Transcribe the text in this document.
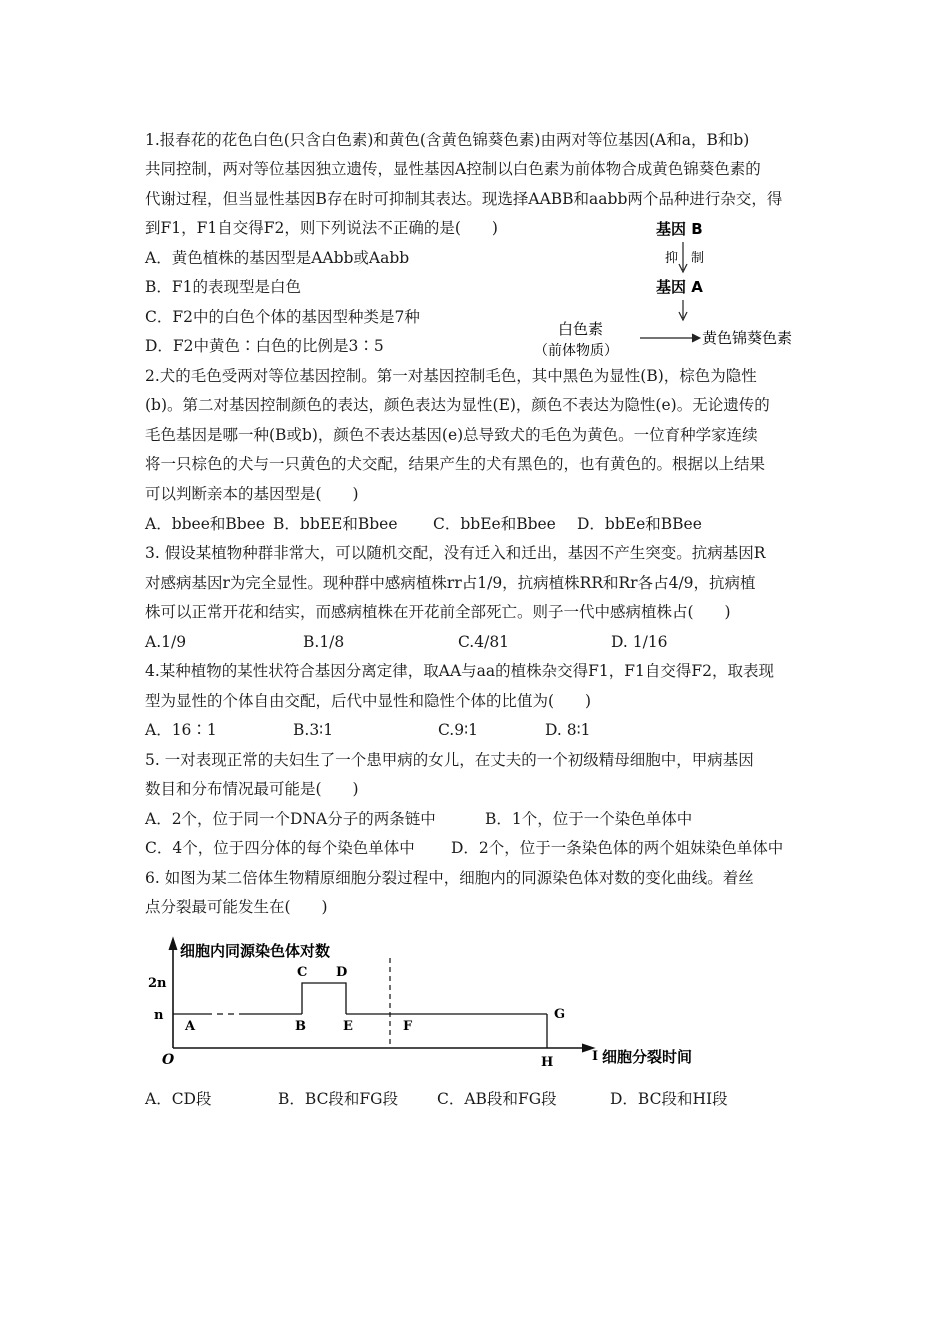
1.报春花的花色白色(只含白色素)和黄色(含黄色锦葵色素)由两对等位基因(A和a，B和b)
共同控制，两对等位基因独立遗传，显性基因A控制以白色素为前体物合成黄色锦葵色素的
代谢过程，但当显性基因B存在时可抑制其表达。现选择AABB和aabb两个品种进行杂交，得
到F1，F1自交得F2，则下列说法不正确的是(　　)
A．黄色植株的基因型是AAbb或Aabb
B．F1的表现型是白色
C．F2中的白色个体的基因型种类是7种
D．F2中黄色∶白色的比例是3∶5
基因 B
抑　制
基因 A
白色素
（前体物质）
黄色锦葵色素
2.犬的毛色受两对等位基因控制。第一对基因控制毛色，其中黑色为显性(B)，棕色为隐性
(b)。第二对基因控制颜色的表达，颜色表达为显性(E)，颜色不表达为隐性(e)。无论遗传的
毛色基因是哪一种(B或b)，颜色不表达基因(e)总导致犬的毛色为黄色。一位育种学家连续
将一只棕色的犬与一只黄色的犬交配，结果产生的犬有黑色的，也有黄色的。根据以上结果
可以判断亲本的基因型是(　　)
A．bbee和Bbee B．bbEE和Bbee C．bbEe和Bbee D．bbEe和BBee
3. 假设某植物种群非常大，可以随机交配，没有迁入和迁出，基因不产生突变。抗病基因R
对感病基因r为完全显性。现种群中感病植株rr占1/9，抗病植株RR和Rr各占4/9，抗病植
株可以正常开花和结实，而感病植株在开花前全部死亡。则子一代中感病植株占(　　)
A.1/9	B.1/8	C.4/81	D. 1/16
4.某种植物的某性状符合基因分离定律，取AA与aa的植株杂交得F1，F1自交得F2，取表现
型为显性的个体自由交配，后代中显性和隐性个体的比值为(　　)
A．16∶1	B.3∶1	C.9∶1	D. 8∶1
5. 一对表现正常的夫妇生了一个患甲病的女儿，在丈夫的一个初级精母细胞中，甲病基因
数目和分布情况最可能是(　　)
A．2个，位于同一个DNA分子的两条链中	B．1个，位于一个染色单体中
C．4个，位于四分体的每个染色单体中 D．2个，位于一条染色体的两个姐妹染色单体中
6. 如图为某二倍体生物精原细胞分裂过程中，细胞内的同源染色体对数的变化曲线。着丝
点分裂最可能发生在(　　)
细胞内同源染色体对数
细胞分裂时间
2n
n
O
A	B
C D
E	F
G
H	I
A．CD段	B．BC段和FG段	C．AB段和FG段	D．BC段和HI段
